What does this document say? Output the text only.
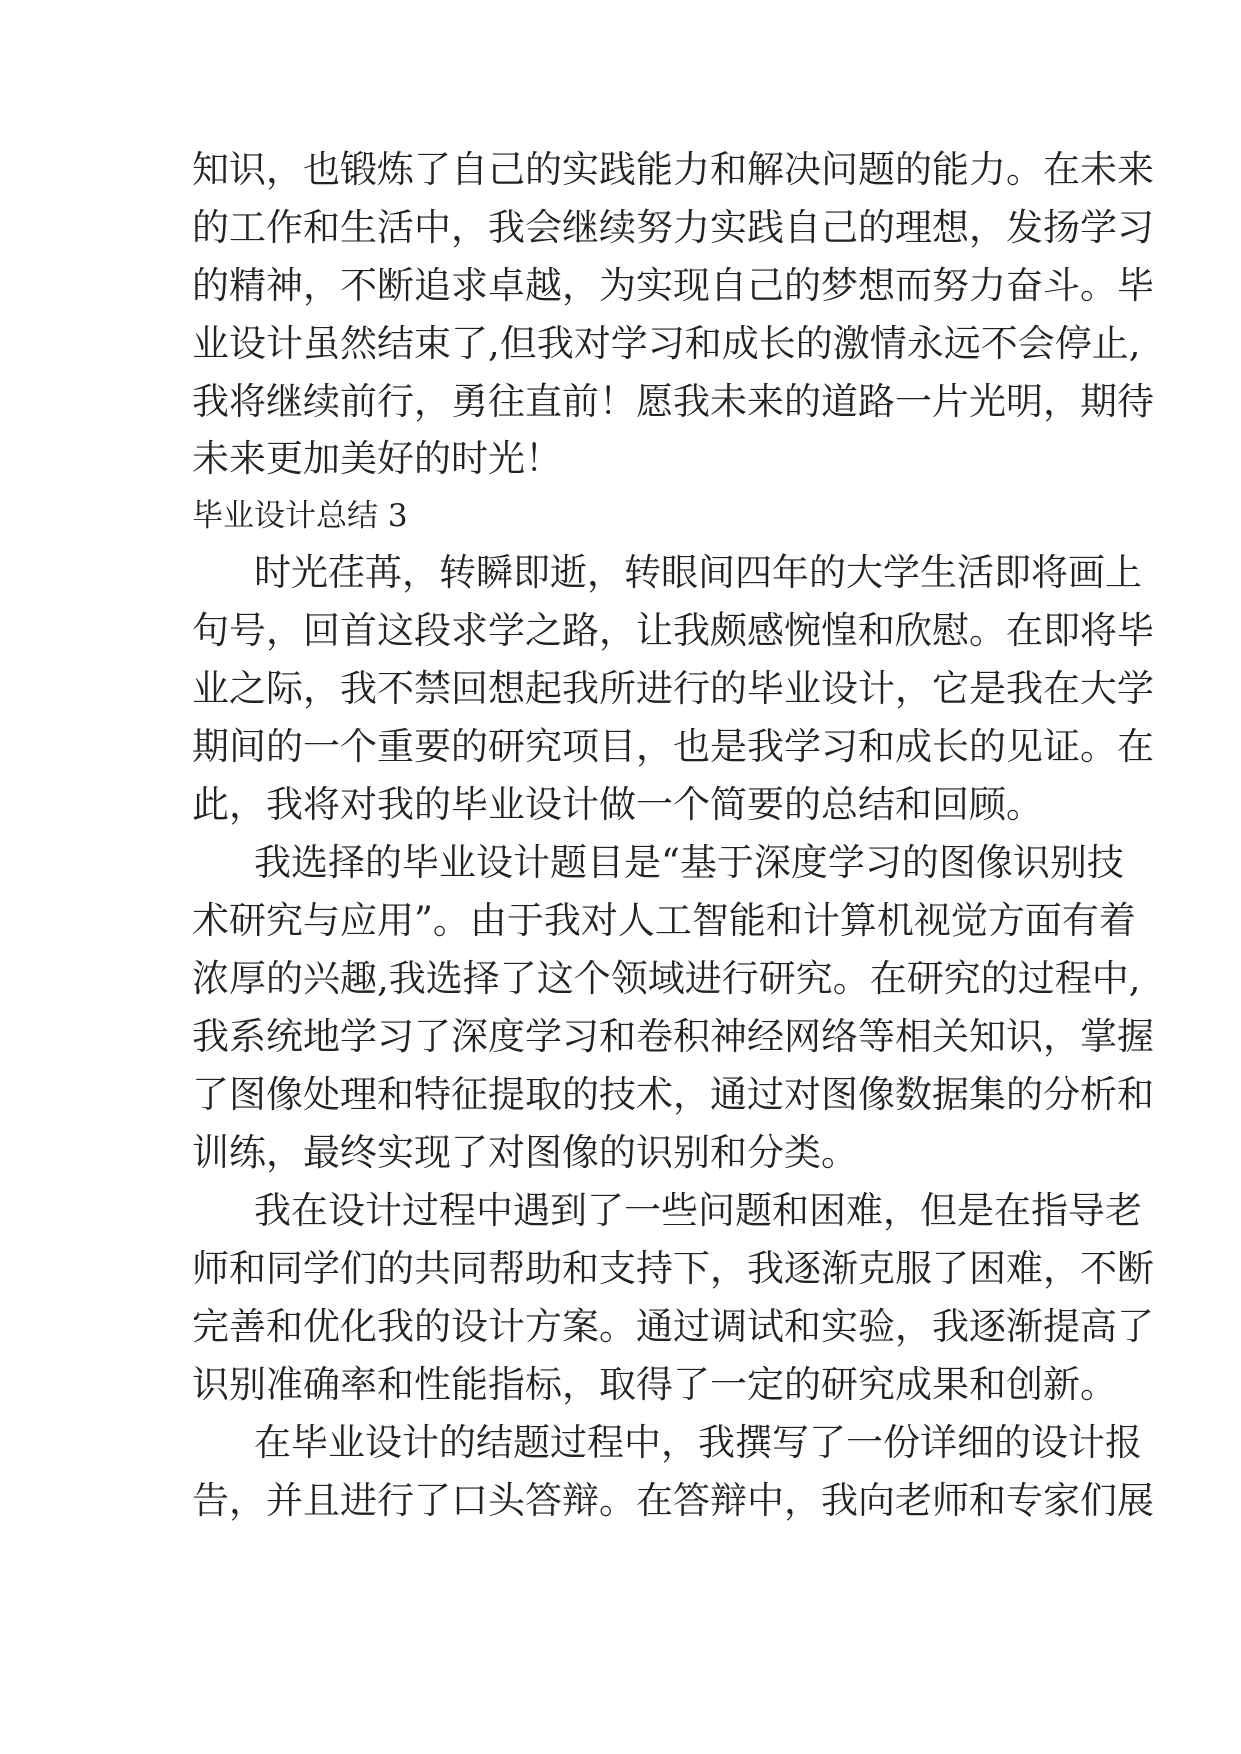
知识，也锻炼了自己的实践能力和解决问题的能力。在未来
的工作和生活中，我会继续努力实践自己的理想，发扬学习
的精神，不断追求卓越，为实现自己的梦想而努力奋斗。毕
业设计虽然结束了,但我对学习和成长的激情永远不会停止,
我将继续前行，勇往直前！愿我未来的道路一片光明，期待
未来更加美好的时光！
毕业设计总结 3
时光荏苒，转瞬即逝，转眼间四年的大学生活即将画上
句号，回首这段求学之路，让我颇感惋惶和欣慰。在即将毕
业之际，我不禁回想起我所进行的毕业设计，它是我在大学
期间的一个重要的研究项目，也是我学习和成长的见证。在
此，我将对我的毕业设计做一个简要的总结和回顾。
我选择的毕业设计题目是“基于深度学习的图像识别技
术研究与应用”。由于我对人工智能和计算机视觉方面有着
浓厚的兴趣,我选择了这个领域进行研究。在研究的过程中,
我系统地学习了深度学习和卷积神经网络等相关知识，掌握
了图像处理和特征提取的技术，通过对图像数据集的分析和
训练，最终实现了对图像的识别和分类。
我在设计过程中遇到了一些问题和困难，但是在指导老
师和同学们的共同帮助和支持下，我逐渐克服了困难，不断
完善和优化我的设计方案。通过调试和实验，我逐渐提高了
识别准确率和性能指标，取得了一定的研究成果和创新。
在毕业设计的结题过程中，我撰写了一份详细的设计报
告，并且进行了口头答辩。在答辩中，我向老师和专家们展
